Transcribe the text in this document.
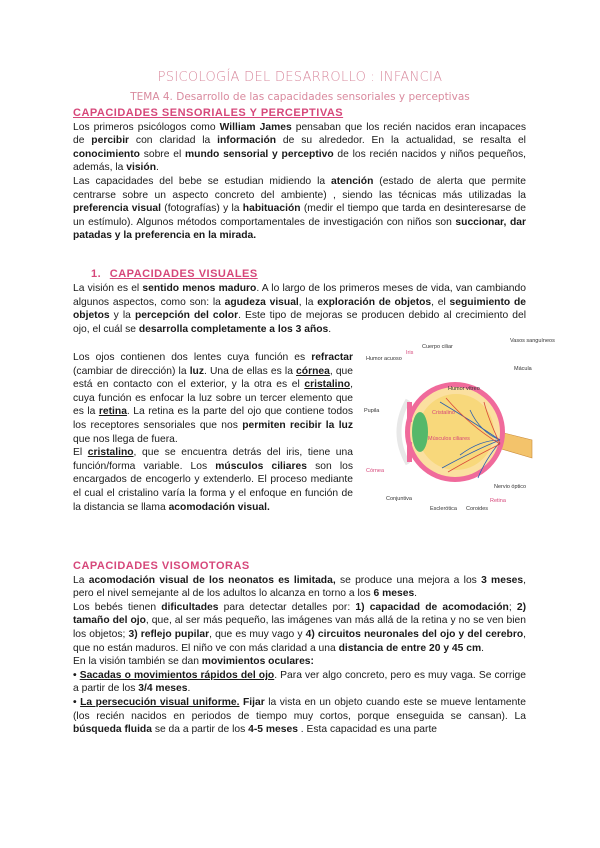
PSICOLOGÍA DEL DESARROLLO : INFANCIA
TEMA 4. Desarrollo de las capacidades sensoriales y perceptivas

CAPACIDADES SENSORIALES Y PERCEPTIVAS

Los primeros psicólogos como William James pensaban que los recién nacidos eran incapaces de percibir con claridad la información de su alrededor. En la actualidad, se resalta el conocimiento sobre el mundo sensorial y perceptivo de los recién nacidos y niños pequeños, además, la visión.

Las capacidades del bebe se estudian midiendo la atención (estado de alerta que permite centrarse sobre un aspecto concreto del ambiente) , siendo las técnicas más utilizadas la preferencia visual (fotografías) y la habituación (medir el tiempo que tarda en desinteresarse de un estímulo). Algunos métodos comportamentales de investigación con niños son succionar, dar patadas y la preferencia en la mirada.

1. CAPACIDADES VISUALES

La visión es el sentido menos maduro. A lo largo de los primeros meses de vida, van cambiando algunos aspectos, como son: la agudeza visual, la exploración de objetos, el seguimiento de objetos y la percepción del color. Este tipo de mejoras se producen debido al crecimiento del ojo, el cuál se desarrolla completamente a los 3 años.

Los ojos contienen dos lentes cuya función es refractar (cambiar de dirección) la luz. Una de ellas es la córnea, que está en contacto con el exterior, y la otra es el cristalino, cuya función es enfocar la luz sobre un tercer elemento que es la retina. La retina es la parte del ojo que contiene todos los receptores sensoriales que nos permiten recibir la luz que nos llega de fuera.

El cristalino, que se encuentra detrás del iris, tiene una función/forma variable. Los músculos ciliares son los encargados de encogerlo y extenderlo. El proceso mediante el cual el cristalino varía la forma y el enfoque en función de la distancia se llama acomodación visual.

Cuerpo ciliar
Iris
Humor acuoso
Vasos sanguíneos
Mácula
Humor vítreo
Pupila	Cristalino
Músculos ciliares
Córnea
Nervio óptico
Conjuntiva	Retina
Esclerótica Coroides

CAPACIDADES VISOMOTORAS

La acomodación visual de los neonatos es limitada, se produce una mejora a los 3 meses, pero el nivel semejante al de los adultos lo alcanza en torno a los 6 meses.

Los bebés tienen dificultades para detectar detalles por: 1) capacidad de acomodación; 2) tamaño del ojo, que, al ser más pequeño, las imágenes van más allá de la retina y no se ven bien los objetos; 3) reflejo pupilar, que es muy vago y 4) circuitos neuronales del ojo y del cerebro, que no están maduros. El niño ve con más claridad a una distancia de entre 20 y 45 cm.

En la visión también se dan movimientos oculares:

• Sacadas o movimientos rápidos del ojo. Para ver algo concreto, pero es muy vaga. Se corrige a partir de los 3/4 meses.

• La persecución visual uniforme. Fijar la vista en un objeto cuando este se mueve lentamente (los recién nacidos en periodos de tiempo muy cortos, porque enseguida se cansan). La búsqueda fluida se da a partir de los 4-5 meses . Esta capacidad es una parte
